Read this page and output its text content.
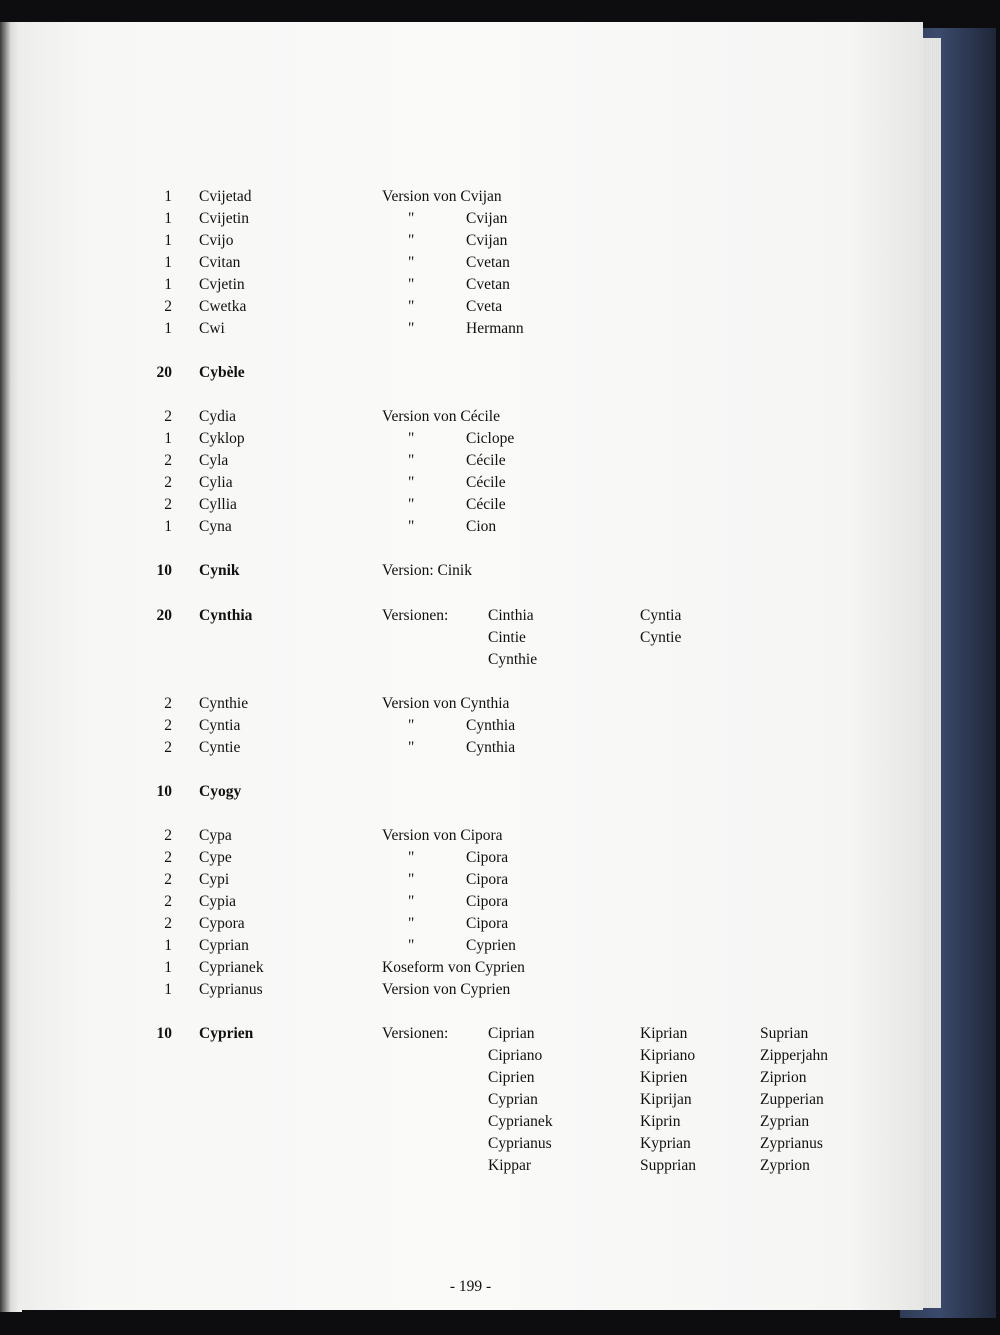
- 199 -
1 Cvijetad	Version von Cvijan
1 Cvijetin	"	Cvijan
1 Cvijo	"	Cvijan
1 Cvitan	"	Cvetan
1 Cvjetin	"	Cvetan
2 Cwetka	"	Cveta
1 Cwi	"	Hermann
20 Cybèle
2 Cydia	Version von Cécile
1 Cyklop	"	Ciclope
2 Cyla	"	Cécile
2 Cylia	"	Cécile
2 Cyllia	"	Cécile
1 Cyna	"	Cion
10 Cynik	Version: Cinik
20 Cynthia	Versionen:	Cinthia	Cyntia
Cintie	Cyntie
Cynthie
2 Cynthie	Version von Cynthia
2 Cyntia	"	Cynthia
2 Cyntie	"	Cynthia
10 Cyogy
2 Cypa	Version von Cipora
2 Cype	"	Cipora
2 Cypi	"	Cipora
2 Cypia	"	Cipora
2 Cypora	"	Cipora
1 Cyprian	"	Cyprien
1 Cyprianek	Koseform von Cyprien
1 Cyprianus	Version von Cyprien
10 Cyprien	Versionen:	Ciprian	Kiprian	Suprian
Cipriano	Kipriano	Zipperjahn
Ciprien	Kiprien	Ziprion
Cyprian	Kiprijan	Zupperian
Cyprianek	Kiprin	Zyprian
Cyprianus	Kyprian	Zyprianus
Kippar	Supprian	Zyprion
